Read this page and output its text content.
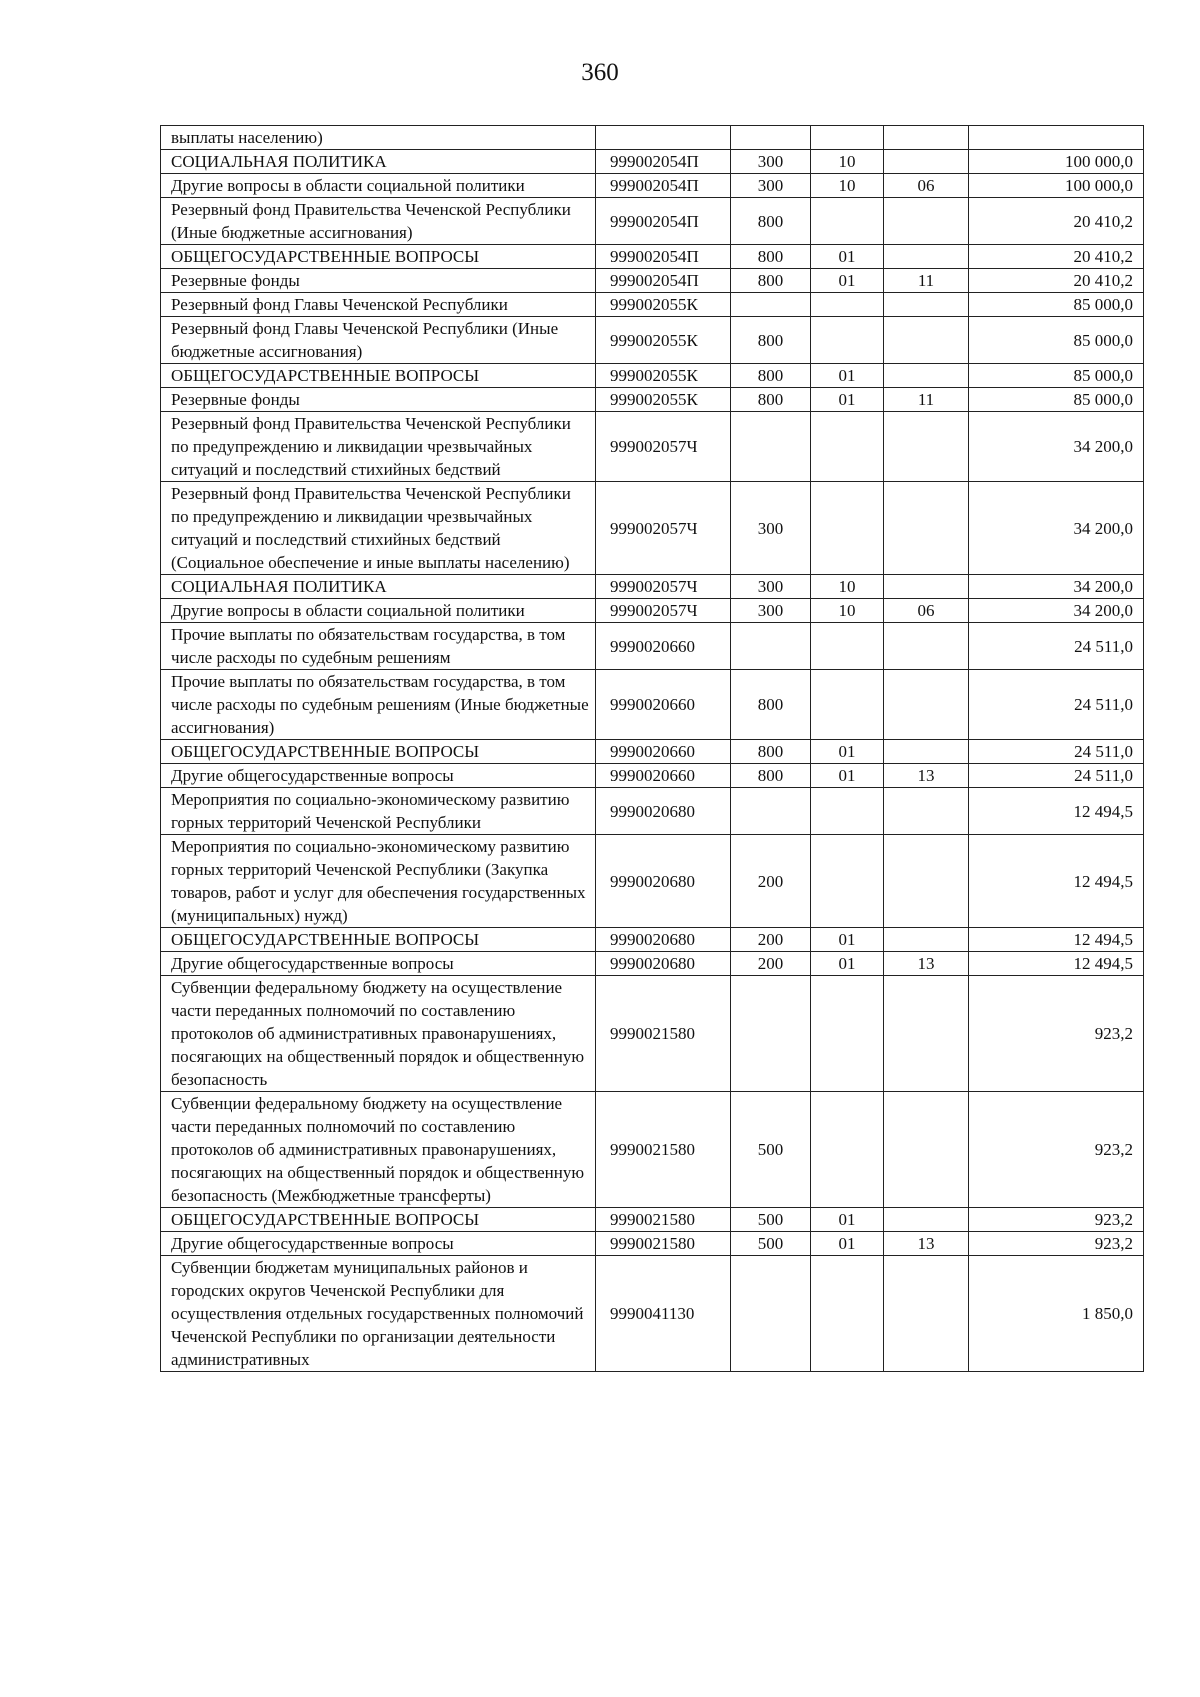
360
выплаты населению)					
СОЦИАЛЬНАЯ ПОЛИТИКА	999002054П	300	10		100 000,0
Другие вопросы в области социальной политики	999002054П	300	10	06	100 000,0
Резервный фонд Правительства Чеченской Республики (Иные бюджетные ассигнования)	999002054П	800			20 410,2
ОБЩЕГОСУДАРСТВЕННЫЕ ВОПРОСЫ	999002054П	800	01		20 410,2
Резервные фонды	999002054П	800	01	11	20 410,2
Резервный фонд Главы Чеченской Республики	999002055К				85 000,0
Резервный фонд Главы Чеченской Республики (Иные бюджетные ассигнования)	999002055К	800			85 000,0
ОБЩЕГОСУДАРСТВЕННЫЕ ВОПРОСЫ	999002055К	800	01		85 000,0
Резервные фонды	999002055К	800	01	11	85 000,0
Резервный фонд Правительства Чеченской Республики по предупреждению и ликвидации чрезвычайных ситуаций и последствий стихийных бедствий	999002057Ч				34 200,0
Резервный фонд Правительства Чеченской Республики по предупреждению и ликвидации чрезвычайных ситуаций и последствий стихийных бедствий (Социальное обеспечение и иные выплаты населению)	999002057Ч	300			34 200,0
СОЦИАЛЬНАЯ ПОЛИТИКА	999002057Ч	300	10		34 200,0
Другие вопросы в области социальной политики	999002057Ч	300	10	06	34 200,0
Прочие выплаты по обязательствам государства, в том числе расходы по судебным решениям	9990020660				24 511,0
Прочие выплаты по обязательствам государства, в том числе расходы по судебным решениям (Иные бюджетные ассигнования)	9990020660	800			24 511,0
ОБЩЕГОСУДАРСТВЕННЫЕ ВОПРОСЫ	9990020660	800	01		24 511,0
Другие общегосударственные вопросы	9990020660	800	01	13	24 511,0
Мероприятия по социально-экономическому развитию горных территорий Чеченской Республики	9990020680				12 494,5
Мероприятия по социально-экономическому развитию горных территорий Чеченской Республики (Закупка товаров, работ и услуг для обеспечения государственных (муниципальных) нужд)	9990020680	200			12 494,5
ОБЩЕГОСУДАРСТВЕННЫЕ ВОПРОСЫ	9990020680	200	01		12 494,5
Другие общегосударственные вопросы	9990020680	200	01	13	12 494,5
Субвенции федеральному бюджету на осуществление части переданных полномочий по составлению протоколов об административных правонарушениях, посягающих на общественный порядок и общественную безопасность	9990021580				923,2
Субвенции федеральному бюджету на осуществление части переданных полномочий по составлению протоколов об административных правонарушениях, посягающих на общественный порядок и общественную безопасность (Межбюджетные трансферты)	9990021580	500			923,2
ОБЩЕГОСУДАРСТВЕННЫЕ ВОПРОСЫ	9990021580	500	01		923,2
Другие общегосударственные вопросы	9990021580	500	01	13	923,2
Субвенции бюджетам муниципальных районов и городских округов Чеченской Республики для осуществления отдельных государственных полномочий Чеченской Республики по организации деятельности административных	9990041130				1 850,0
